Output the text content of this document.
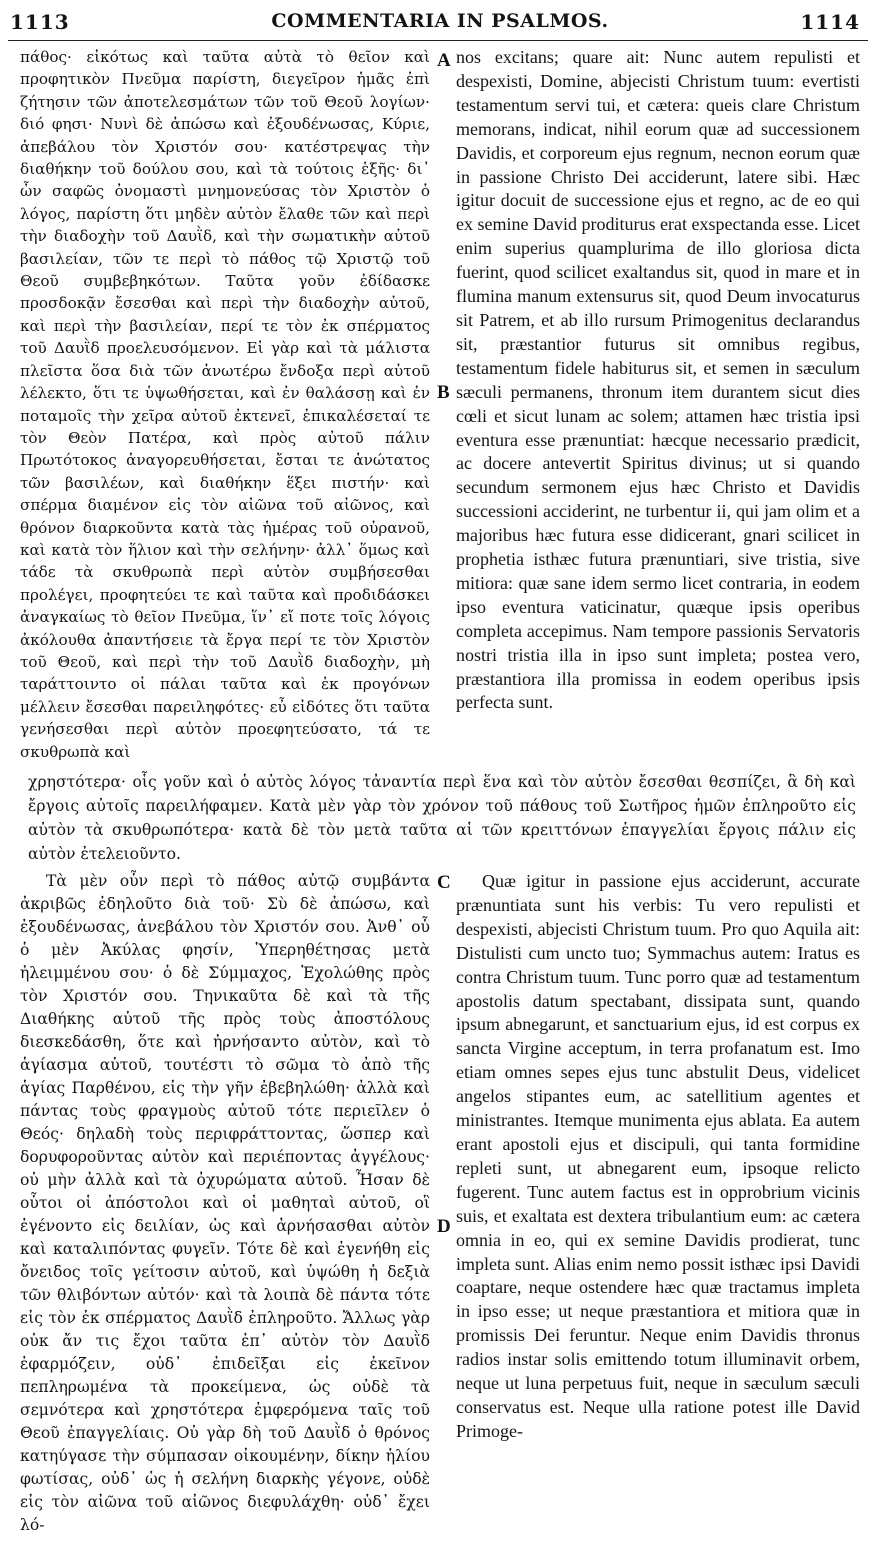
1113	COMMENTARIA IN PSALMOS.	1114

πάθος· εἰκότως καὶ ταῦτα αὐτὰ τὸ θεῖον καὶ προφητικὸν Πνεῦμα παρίστη, διεγεῖρον ἡμᾶς ἐπὶ ζήτησιν τῶν ἀποτελεσμάτων τῶν τοῦ Θεοῦ λογίων· διό φησι· Νυνὶ δὲ ἀπώσω καὶ ἐξουδένωσας, Κύριε, ἀπεβάλου τὸν Χριστόν σου· κατέστρεψας τὴν διαθήκην τοῦ δούλου σου, καὶ τὰ τούτοις ἑξῆς· δι᾽ ὧν σαφῶς ὀνομαστὶ μνημονεύσας τὸν Χριστὸν ὁ λόγος, παρίστη ὅτι μηδὲν αὐτὸν ἔλαθε τῶν καὶ περὶ τὴν διαδοχὴν τοῦ Δαυῒδ, καὶ τὴν σωματικὴν αὐτοῦ βασιλείαν, τῶν τε περὶ τὸ πάθος τῷ Χριστῷ τοῦ Θεοῦ συμβεβηκότων. Ταῦτα γοῦν ἐδίδασκε προσδοκᾷν ἔσεσθαι καὶ περὶ τὴν διαδοχὴν αὐτοῦ, καὶ περὶ τὴν βασιλείαν, περί τε τὸν ἐκ σπέρματος τοῦ Δαυῒδ προελευσόμενον. Εἰ γὰρ καὶ τὰ μάλιστα πλεῖστα ὅσα διὰ τῶν ἀνωτέρω ἔνδοξα περὶ αὐτοῦ λέλεκτο, ὅτι τε ὑψωθήσεται, καὶ ἐν θαλάσσῃ καὶ ἐν ποταμοῖς τὴν χεῖρα αὐτοῦ ἐκτενεῖ, ἐπικαλέσεταί τε τὸν Θεὸν Πατέρα, καὶ πρὸς αὐτοῦ πάλιν Πρωτότοκος ἀναγορευθήσεται, ἔσται τε ἀνώτατος τῶν βασιλέων, καὶ διαθήκην ἕξει πιστήν· καὶ σπέρμα διαμένον εἰς τὸν αἰῶνα τοῦ αἰῶνος, καὶ θρόνον διαρκοῦντα κατὰ τὰς ἡμέρας τοῦ οὐρανοῦ, καὶ κατὰ τὸν ἥλιον καὶ τὴν σελήνην· ἀλλ᾽ ὅμως καὶ τάδε τὰ σκυθρωπὰ περὶ αὐτὸν συμβήσεσθαι προλέγει, προφητεύει τε καὶ ταῦτα καὶ προδιδάσκει ἀναγκαίως τὸ θεῖον Πνεῦμα, ἵν᾽ εἴ ποτε τοῖς λόγοις ἀκόλουθα ἀπαντήσειε τὰ ἔργα περί τε τὸν Χριστὸν τοῦ Θεοῦ, καὶ περὶ τὴν τοῦ Δαυῒδ διαδοχὴν, μὴ ταράττοιντο οἱ πάλαι ταῦτα καὶ ἐκ προγόνων μέλλειν ἔσεσθαι παρειληφότες· εὖ εἰδότες ὅτι ταῦτα γενήσεσθαι περὶ αὐτὸν προεφητεύσατο, τά τε σκυθρωπὰ καὶ

nos excitans; quare ait: Nunc autem repulisti et despexisti, Domine, abjecisti Christum tuum: evertisti testamentum servi tui, et cætera: queis clare Christum memorans, indicat, nihil eorum quæ ad successionem Davidis, et corporeum ejus regnum, necnon eorum quæ in passione Christo Dei acciderunt, latere sibi. Hæc igitur docuit de successione ejus et regno, ac de eo qui ex semine David proditurus erat exspectanda esse. Licet enim superius quamplurima de illo gloriosa dicta fuerint, quod scilicet exaltandus sit, quod in mare et in flumina manum extensurus sit, quod Deum invocaturus sit Patrem, et ab illo rursum Primogenitus declarandus sit, præstantior futurus sit omnibus regibus, testamentum fidele habiturus sit, et semen in sæculum sæculi permanens, thronum item durantem sicut dies cœli et sicut lunam ac solem; attamen hæc tristia ipsi eventura esse prænuntiat: hæcque necessario prædicit, ac docere antevertit Spiritus divinus; ut si quando secundum sermonem ejus hæc Christo et Davidis successioni acciderint, ne turbentur ii, qui jam olim et a majoribus hæc futura esse didicerant, gnari scilicet in prophetia isthæc futura prænuntiari, sive tristia, sive mitiora: quæ sane idem sermo licet contraria, in eodem ipso eventura vaticinatur, quæque ipsis operibus completa accepimus. Nam tempore passionis Servatoris nostri tristia illa in ipso sunt impleta; postea vero, præstantiora illa promissa in eodem operibus ipsis perfecta sunt.

A
B

χρηστότερα· οἷς γοῦν καὶ ὁ αὐτὸς λόγος τἀναντία περὶ ἕνα καὶ τὸν αὐτὸν ἔσεσθαι θεσπίζει, ἃ δὴ καὶ ἔργοις αὐτοῖς παρειλήφαμεν. Κατὰ μὲν γὰρ τὸν χρόνον τοῦ πάθους τοῦ Σωτῆρος ἡμῶν ἐπληροῦτο εἰς αὐτὸν τὰ σκυθρωπότερα· κατὰ δὲ τὸν μετὰ ταῦτα αἱ τῶν κρειττόνων ἐπαγγελίαι ἔργοις πάλιν εἰς αὐτὸν ἐτελειοῦντο.

Τὰ μὲν οὖν περὶ τὸ πάθος αὐτῷ συμβάντα ἀκριβῶς ἐδηλοῦτο διὰ τοῦ· Σὺ δὲ ἀπώσω, καὶ ἐξουδένωσας, ἀνεβάλου τὸν Χριστόν σου. Ἀνθ᾽ οὗ ὁ μὲν Ἀκύλας φησίν, Ὑπερηθέτησας μετὰ ἠλειμμένου σου· ὁ δὲ Σύμμαχος, Ἐχολώθης πρὸς τὸν Χριστόν σου. Τηνικαῦτα δὲ καὶ τὰ τῆς Διαθήκης αὐτοῦ τῆς πρὸς τοὺς ἀποστόλους διεσκεδάσθη, ὅτε καὶ ἠρνήσαντο αὐτὸν, καὶ τὸ ἁγίασμα αὐτοῦ, τουτέστι τὸ σῶμα τὸ ἀπὸ τῆς ἁγίας Παρθένου, εἰς τὴν γῆν ἐβεβηλώθη· ἀλλὰ καὶ πάντας τοὺς φραγμοὺς αὐτοῦ τότε περιεῖλεν ὁ Θεός· δηλαδὴ τοὺς περιφράττοντας, ὥσπερ καὶ δορυφοροῦντας αὐτὸν καὶ περιέποντας ἀγγέλους· οὐ μὴν ἀλλὰ καὶ τὰ ὀχυρώματα αὐτοῦ. Ἦσαν δὲ οὗτοι οἱ ἀπόστολοι καὶ οἱ μαθηταὶ αὐτοῦ, οἳ ἐγένοντο εἰς δειλίαν, ὡς καὶ ἀρνήσασθαι αὐτὸν καὶ καταλιπόντας φυγεῖν. Τότε δὲ καὶ ἐγενήθη εἰς ὄνειδος τοῖς γείτοσιν αὐτοῦ, καὶ ὑψώθη ἡ δεξιὰ τῶν θλιβόντων αὐτόν· καὶ τὰ λοιπὰ δὲ πάντα τότε εἰς τὸν ἐκ σπέρματος Δαυῒδ ἐπληροῦτο. Ἄλλως γὰρ οὐκ ἄν τις ἔχοι ταῦτα ἐπ᾽ αὐτὸν τὸν Δαυῒδ ἐφαρμόζειν, οὐδ᾽ ἐπιδεῖξαι εἰς ἐκεῖνον πεπληρωμένα τὰ προκείμενα, ὡς οὐδὲ τὰ σεμνότερα καὶ χρηστότερα ἐμφερόμενα ταῖς τοῦ Θεοῦ ἐπαγγελίαις. Οὐ γὰρ δὴ τοῦ Δαυῒδ ὁ θρόνος κατηύγασε τὴν σύμπασαν οἰκουμένην, δίκην ἡλίου φωτίσας, οὐδ᾽ ὡς ἡ σελήνη διαρκὴς γέγονε, οὐδὲ εἰς τὸν αἰῶνα τοῦ αἰῶνος διεφυλάχθη· οὐδ᾽ ἔχει λό-

Quæ igitur in passione ejus acciderunt, accurate prænuntiata sunt his verbis: Tu vero repulisti et despexisti, abjecisti Christum tuum. Pro quo Aquila ait: Distulisti cum uncto tuo; Symmachus autem: Iratus es contra Christum tuum. Tunc porro quæ ad testamentum apostolis datum spectabant, dissipata sunt, quando ipsum abnegarunt, et sanctuarium ejus, id est corpus ex sancta Virgine acceptum, in terra profanatum est. Imo etiam omnes sepes ejus tunc abstulit Deus, videlicet angelos stipantes eum, ac satellitium agentes et ministrantes. Itemque munimenta ejus ablata. Ea autem erant apostoli ejus et discipuli, qui tanta formidine repleti sunt, ut abnegarent eum, ipsoque relicto fugerent. Tunc autem factus est in opprobrium vicinis suis, et exaltata est dextera tribulantium eum: ac cætera omnia in eo, qui ex semine Davidis prodierat, tunc impleta sunt. Alias enim nemo possit isthæc ipsi Davidi coaptare, neque ostendere hæc quæ tractamus impleta in ipso esse; ut neque præstantiora et mitiora quæ in promissis Dei feruntur. Neque enim Davidis thronus radios instar solis emittendo totum illuminavit orbem, neque ut luna perpetuus fuit, neque in sæculum sæculi conservatus est. Neque ulla ratione potest ille David Primoge-

C
D
